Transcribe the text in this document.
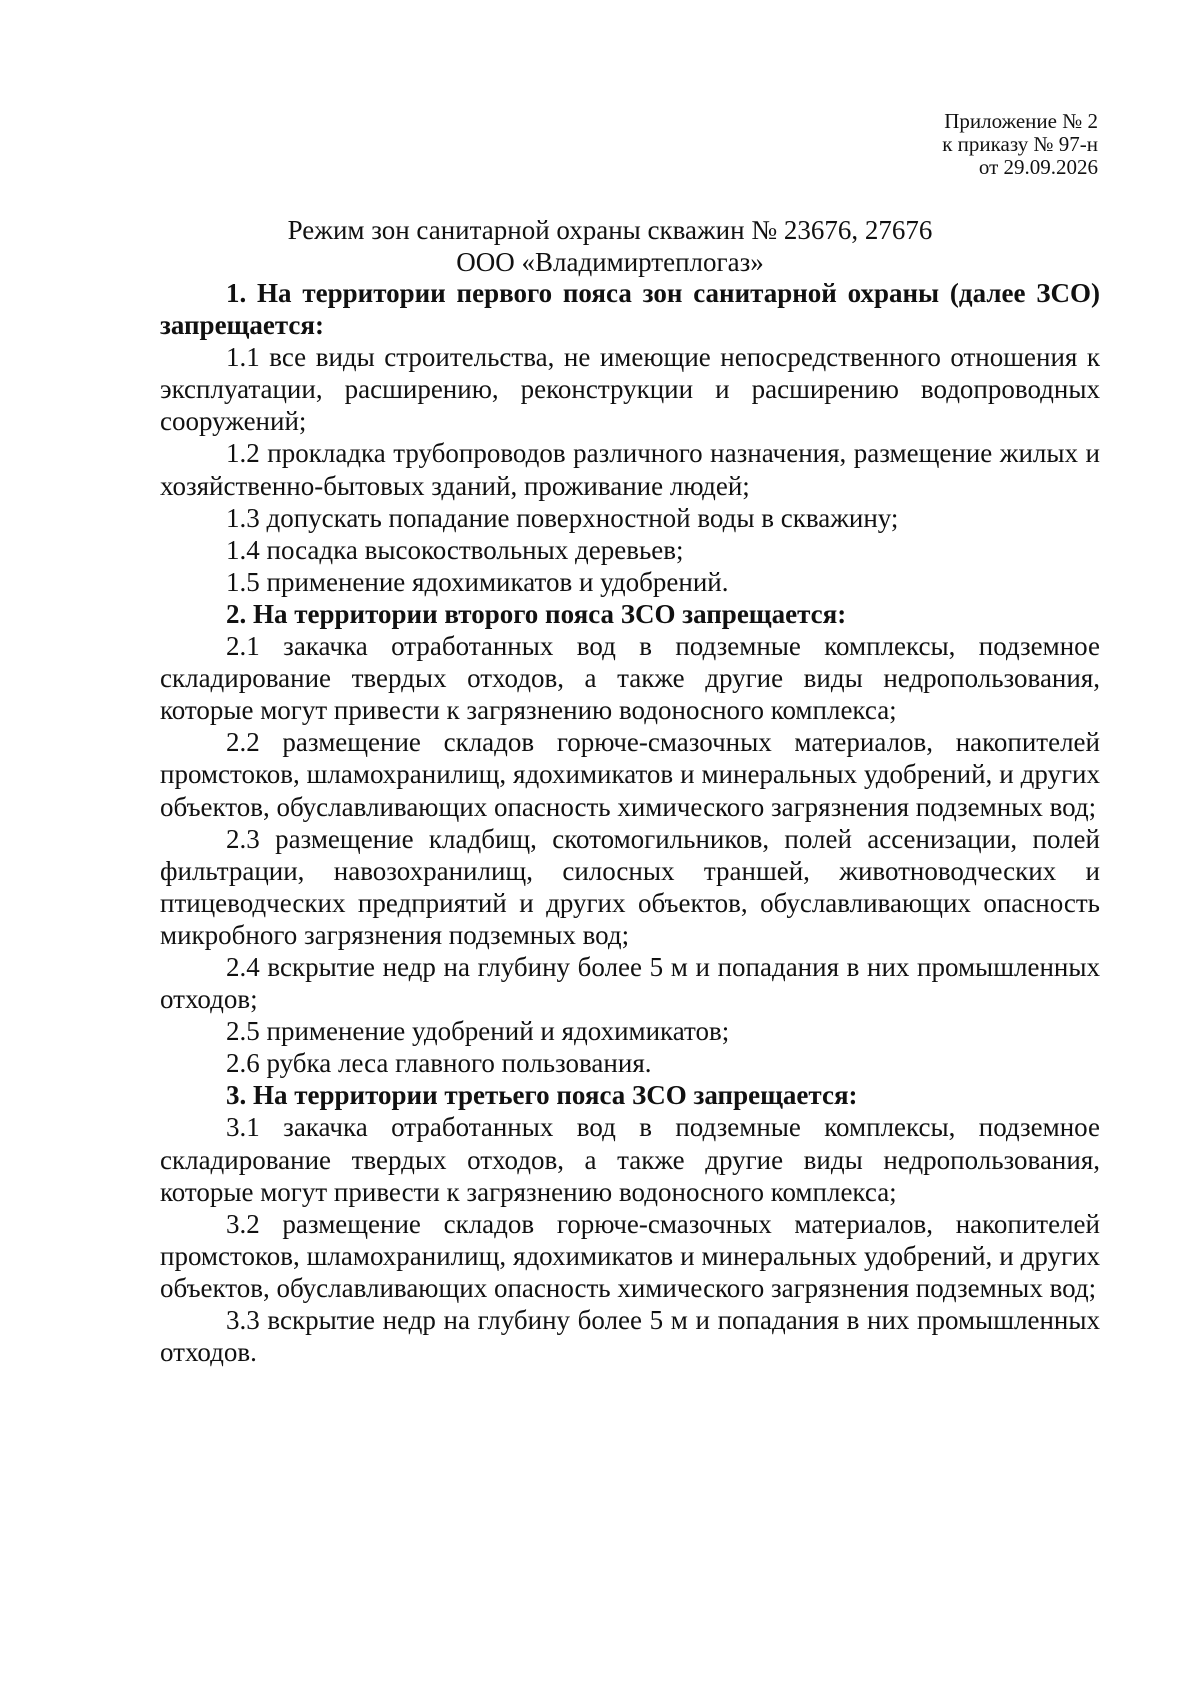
Приложение № 2
к приказу № 97-н
от 29.09.2026
Режим зон санитарной охраны скважин № 23676, 27676
ООО «Владимиртеплогаз»

1. На территории первого пояса зон санитарной охраны (далее ЗСО) запрещается:

1.1 все виды строительства, не имеющие непосредственного отношения к эксплуатации, расширению, реконструкции и расширению водопроводных сооружений;

1.2 прокладка трубопроводов различного назначения, размещение жилых и хозяйственно-бытовых зданий, проживание людей;

1.3 допускать попадание поверхностной воды в скважину;

1.4 посадка высокоствольных деревьев;

1.5 применение ядохимикатов и удобрений.

2. На территории второго пояса ЗСО запрещается:

2.1 закачка отработанных вод в подземные комплексы, подземное складирование твердых отходов, а также другие виды недропользования, которые могут привести к загрязнению водоносного комплекса;

2.2 размещение складов горюче-смазочных материалов, накопителей промстоков, шламохранилищ, ядохимикатов и минеральных удобрений, и других объектов, обуславливающих опасность химического загрязнения подземных вод;

2.3 размещение кладбищ, скотомогильников, полей ассенизации, полей фильтрации, навозохранилищ, силосных траншей, животноводческих и птицеводческих предприятий и других объектов, обуславливающих опасность микробного загрязнения подземных вод;

2.4 вскрытие недр на глубину более 5 м и попадания в них промышленных отходов;

2.5 применение удобрений и ядохимикатов;

2.6 рубка леса главного пользования.

3. На территории третьего пояса ЗСО запрещается:

3.1 закачка отработанных вод в подземные комплексы, подземное складирование твердых отходов, а также другие виды недропользования, которые могут привести к загрязнению водоносного комплекса;

3.2 размещение складов горюче-смазочных материалов, накопителей промстоков, шламохранилищ, ядохимикатов и минеральных удобрений, и других объектов, обуславливающих опасность химического загрязнения подземных вод;

3.3 вскрытие недр на глубину более 5 м и попадания в них промышленных отходов.
